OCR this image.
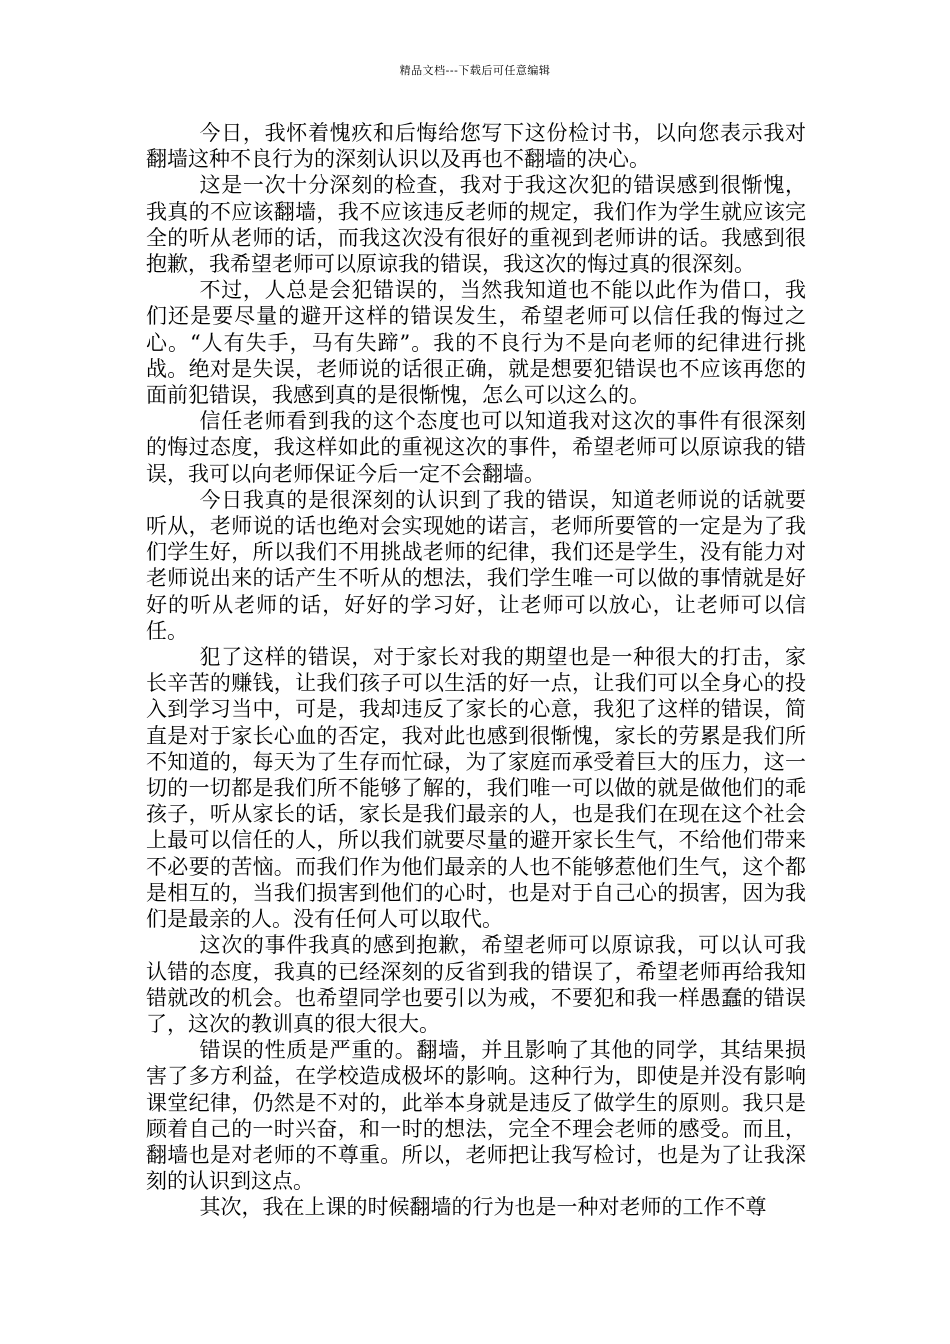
精品文档---下载后可任意编辑

今日，我怀着愧疚和后悔给您写下这份检讨书，以向您表示我对翻墙这种不良行为的深刻认识以及再也不翻墙的决心。

这是一次十分深刻的检查，我对于我这次犯的错误感到很惭愧，我真的不应该翻墙，我不应该违反老师的规定，我们作为学生就应该完全的听从老师的话，而我这次没有很好的重视到老师讲的话。我感到很抱歉，我希望老师可以原谅我的错误，我这次的悔过真的很深刻。

不过，人总是会犯错误的，当然我知道也不能以此作为借口，我们还是要尽量的避开这样的错误发生，希望老师可以信任我的悔过之心。“人有失手，马有失蹄”。我的不良行为不是向老师的纪律进行挑战。绝对是失误，老师说的话很正确，就是想要犯错误也不应该再您的面前犯错误，我感到真的是很惭愧，怎么可以这么的。

信任老师看到我的这个态度也可以知道我对这次的事件有很深刻的悔过态度，我这样如此的重视这次的事件，希望老师可以原谅我的错误，我可以向老师保证今后一定不会翻墙。

今日我真的是很深刻的认识到了我的错误，知道老师说的话就要听从，老师说的话也绝对会实现她的诺言，老师所要管的一定是为了我们学生好，所以我们不用挑战老师的纪律，我们还是学生，没有能力对老师说出来的话产生不听从的想法，我们学生唯一可以做的事情就是好好的听从老师的话，好好的学习好，让老师可以放心，让老师可以信任。

犯了这样的错误，对于家长对我的期望也是一种很大的打击，家长辛苦的赚钱，让我们孩子可以生活的好一点，让我们可以全身心的投入到学习当中，可是，我却违反了家长的心意，我犯了这样的错误，简直是对于家长心血的否定，我对此也感到很惭愧，家长的劳累是我们所不知道的，每天为了生存而忙碌，为了家庭而承受着巨大的压力，这一切的一切都是我们所不能够了解的，我们唯一可以做的就是做他们的乖孩子，听从家长的话，家长是我们最亲的人，也是我们在现在这个社会上最可以信任的人，所以我们就要尽量的避开家长生气，不给他们带来不必要的苦恼。而我们作为他们最亲的人也不能够惹他们生气，这个都是相互的，当我们损害到他们的心时，也是对于自己心的损害，因为我们是最亲的人。没有任何人可以取代。

这次的事件我真的感到抱歉，希望老师可以原谅我，可以认可我认错的态度，我真的已经深刻的反省到我的错误了，希望老师再给我知错就改的机会。也希望同学也要引以为戒，不要犯和我一样愚蠢的错误了，这次的教训真的很大很大。

错误的性质是严重的。翻墙，并且影响了其他的同学，其结果损害了多方利益，在学校造成极坏的影响。这种行为，即使是并没有影响课堂纪律，仍然是不对的，此举本身就是违反了做学生的原则。我只是顾着自己的一时兴奋，和一时的想法，完全不理会老师的感受。而且，翻墙也是对老师的不尊重。所以，老师把让我写检讨，也是为了让我深刻的认识到这点。

其次，我在上课的时候翻墙的行为也是一种对老师的工作不尊
